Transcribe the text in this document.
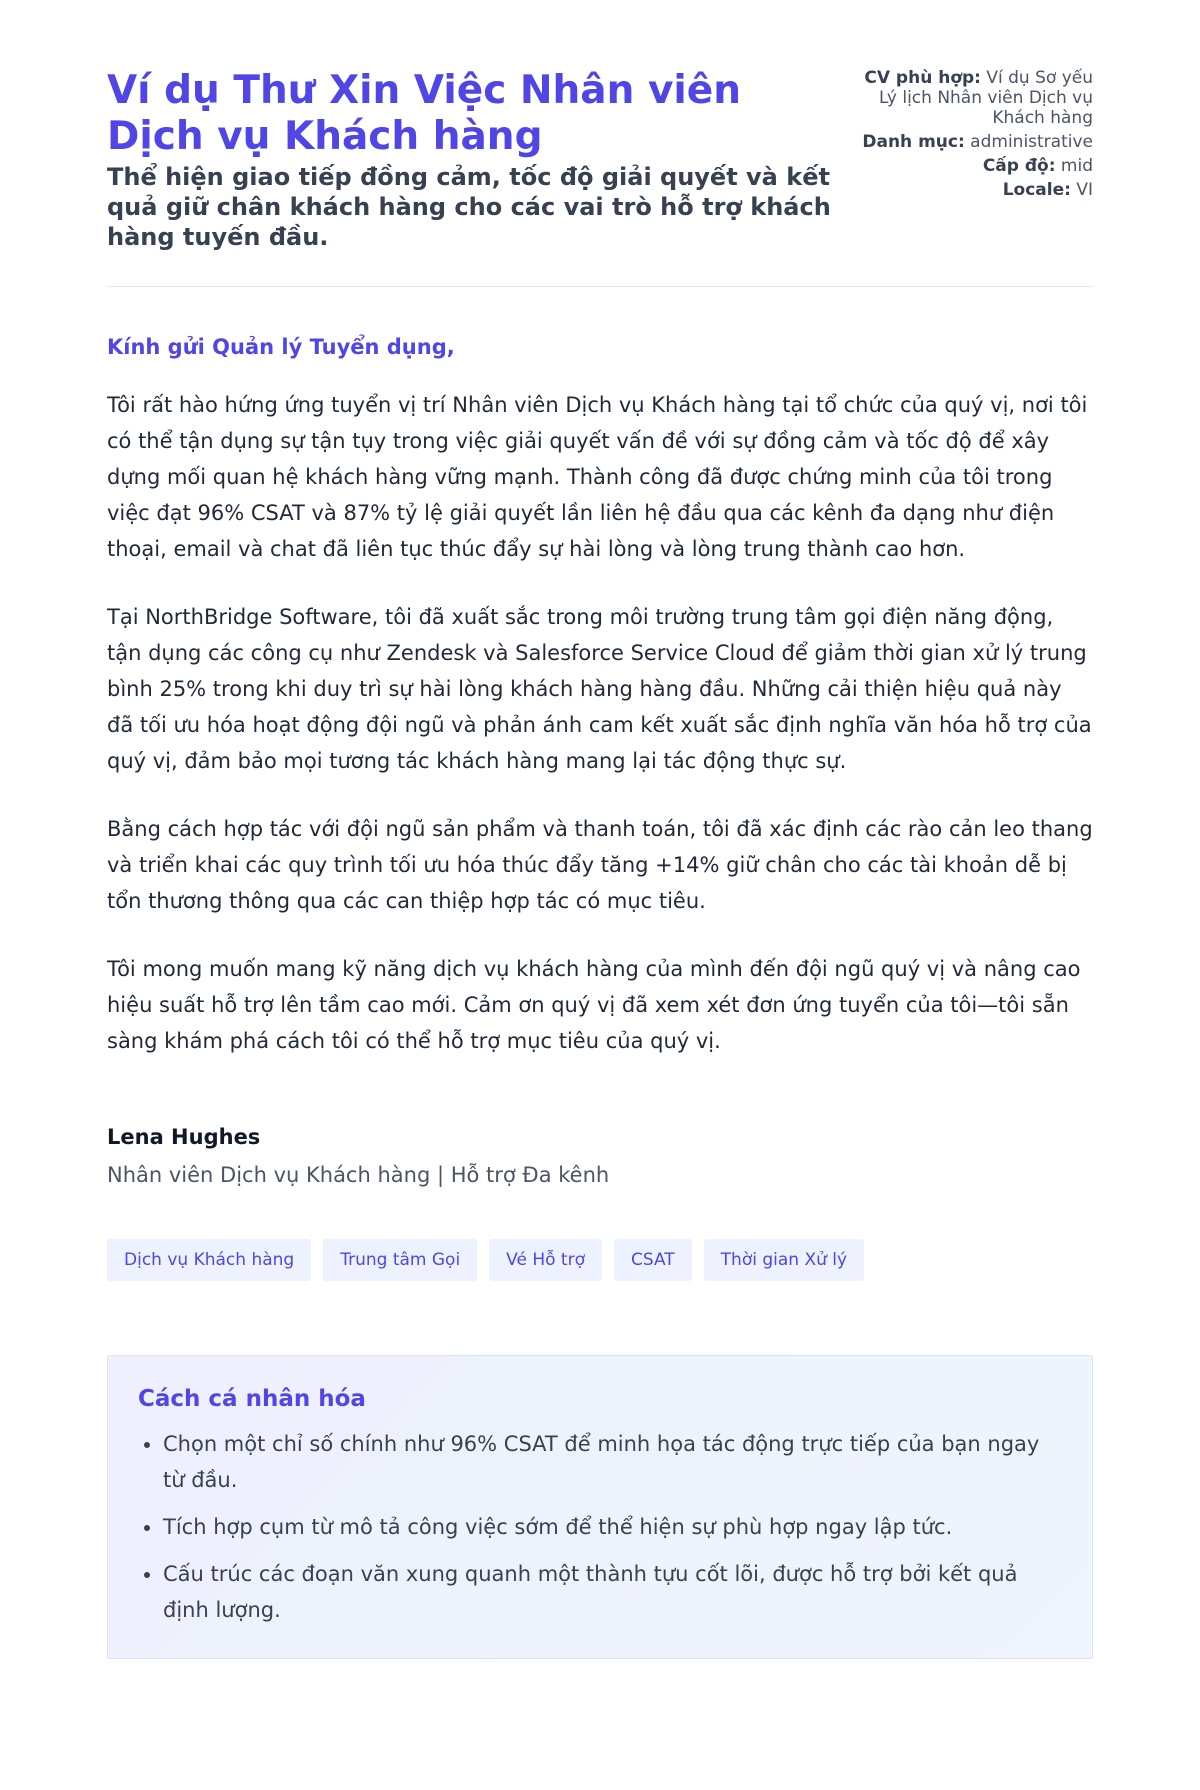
Ví dụ Thư Xin Việc Nhân viên Dịch vụ Khách hàng
Thể hiện giao tiếp đồng cảm, tốc độ giải quyết và kết quả giữ chân khách hàng cho các vai trò hỗ trợ khách hàng tuyến đầu.
CV phù hợp: Ví dụ Sơ yếu Lý lịch Nhân viên Dịch vụ Khách hàng
Danh mục: administrative
Cấp độ: mid
Locale: VI
Kính gửi Quản lý Tuyển dụng,

Tôi rất hào hứng ứng tuyển vị trí Nhân viên Dịch vụ Khách hàng tại tổ chức của quý vị, nơi tôi có thể tận dụng sự tận tụy trong việc giải quyết vấn đề với sự đồng cảm và tốc độ để xây dựng mối quan hệ khách hàng vững mạnh. Thành công đã được chứng minh của tôi trong việc đạt 96% CSAT và 87% tỷ lệ giải quyết lần liên hệ đầu qua các kênh đa dạng như điện thoại, email và chat đã liên tục thúc đẩy sự hài lòng và lòng trung thành cao hơn.

Tại NorthBridge Software, tôi đã xuất sắc trong môi trường trung tâm gọi điện năng động, tận dụng các công cụ như Zendesk và Salesforce Service Cloud để giảm thời gian xử lý trung bình 25% trong khi duy trì sự hài lòng khách hàng hàng đầu. Những cải thiện hiệu quả này đã tối ưu hóa hoạt động đội ngũ và phản ánh cam kết xuất sắc định nghĩa văn hóa hỗ trợ của quý vị, đảm bảo mọi tương tác khách hàng mang lại tác động thực sự.

Bằng cách hợp tác với đội ngũ sản phẩm và thanh toán, tôi đã xác định các rào cản leo thang và triển khai các quy trình tối ưu hóa thúc đẩy tăng +14% giữ chân cho các tài khoản dễ bị tổn thương thông qua các can thiệp hợp tác có mục tiêu.

Tôi mong muốn mang kỹ năng dịch vụ khách hàng của mình đến đội ngũ quý vị và nâng cao hiệu suất hỗ trợ lên tầm cao mới. Cảm ơn quý vị đã xem xét đơn ứng tuyển của tôi—tôi sẵn sàng khám phá cách tôi có thể hỗ trợ mục tiêu của quý vị.

Lena Hughes
Nhân viên Dịch vụ Khách hàng | Hỗ trợ Đa kênh
Dịch vụ Khách hàng	Trung tâm Gọi	Vé Hỗ trợ	CSAT	Thời gian Xử lý
Cách cá nhân hóa
• Chọn một chỉ số chính như 96% CSAT để minh họa tác động trực tiếp của bạn ngay từ đầu.
• Tích hợp cụm từ mô tả công việc sớm để thể hiện sự phù hợp ngay lập tức.
• Cấu trúc các đoạn văn xung quanh một thành tựu cốt lõi, được hỗ trợ bởi kết quả định lượng.
